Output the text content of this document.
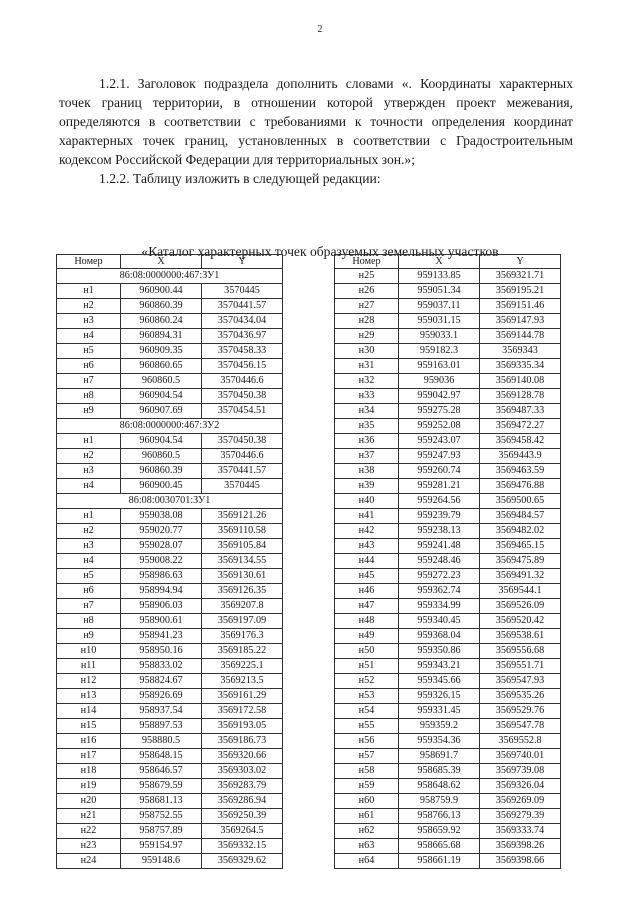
2

1.2.1. Заголовок подраздела дополнить словами «. Координаты характерных точек границ территории, в отношении которой утвержден проект межевания, определяются в соответствии с требованиями к точности определения координат характерных точек границ, установленных в соответствии с Градостроительным кодексом Российской Федерации для территориальных зон.»;

1.2.2. Таблицу изложить в следующей редакции:

«Каталог характерных точек образуемых земельных участков
Номер	X	Y
86:08:0000000:467:ЗУ1		
н1	960900.44	3570445
н2	960860.39	3570441.57
н3	960860.24	3570434.04
н4	960894.31	3570436.97
н5	960909.35	3570458.33
н6	960860.65	3570456.15
н7	960860.5	3570446.6
н8	960904.54	3570450.38
н9	960907.69	3570454.51
86:08:0000000:467:ЗУ2		
н1	960904.54	3570450.38
н2	960860.5	3570446.6
н3	960860.39	3570441.57
н4	960900.45	3570445
86:08:0030701:ЗУ1		
н1	959038.08	3569121.26
н2	959020.77	3569110.58
н3	959028.07	3569105.84
н4	959008.22	3569134.55
н5	958986.63	3569130.61
н6	958994.94	3569126.35
н7	958906.03	3569207.8
н8	958900.61	3569197.09
н9	958941.23	3569176.3
н10	958950.16	3569185.22
н11	958833.02	3569225.1
н12	958824.67	3569213.5
н13	958926.69	3569161.29
н14	958937.54	3569172.58
н15	958897.53	3569193.05
н16	958880.5	3569186.73
н17	958648.15	3569320.66
н18	958646.57	3569303.02
н19	958679.59	3569283.79
н20	958681.13	3569286.94
н21	958752.55	3569250.39
н22	958757.89	3569264.5
н23	959154.97	3569332.15
н24	959148.6	3569329.62
Номер	X	Y
н25	959133.85	3569321.71
н26	959051.34	3569195.21
н27	959037.11	3569151.46
н28	959031.15	3569147.93
н29	959033.1	3569144.78
н30	959182.3	3569343
н31	959163.01	3569335.34
н32	959036	3569140.08
н33	959042.97	3569128.78
н34	959275.28	3569487.33
н35	959252.08	3569472.27
н36	959243.07	3569458.42
н37	959247.93	3569443.9
н38	959260.74	3569463.59
н39	959281.21	3569476.88
н40	959264.56	3569500.65
н41	959239.79	3569484.57
н42	959238.13	3569482.02
н43	959241.48	3569465.15
н44	959248.46	3569475.89
н45	959272.23	3569491.32
н46	959362.74	3569544.1
н47	959334.99	3569526.09
н48	959340.45	3569520.42
н49	959368.04	3569538.61
н50	959350.86	3569556.68
н51	959343.21	3569551.71
н52	959345.66	3569547.93
н53	959326.15	3569535.26
н54	959331.45	3569529.76
н55	959359.2	3569547.78
н56	959354.36	3569552.8
н57	958691.7	3569740.01
н58	958685.39	3569739.08
н59	958648.62	3569326.04
н60	958759.9	3569269.09
н61	958766.13	3569279.39
н62	958659.92	3569333.74
н63	958665.68	3569398.26
н64	958661.19	3569398.66
